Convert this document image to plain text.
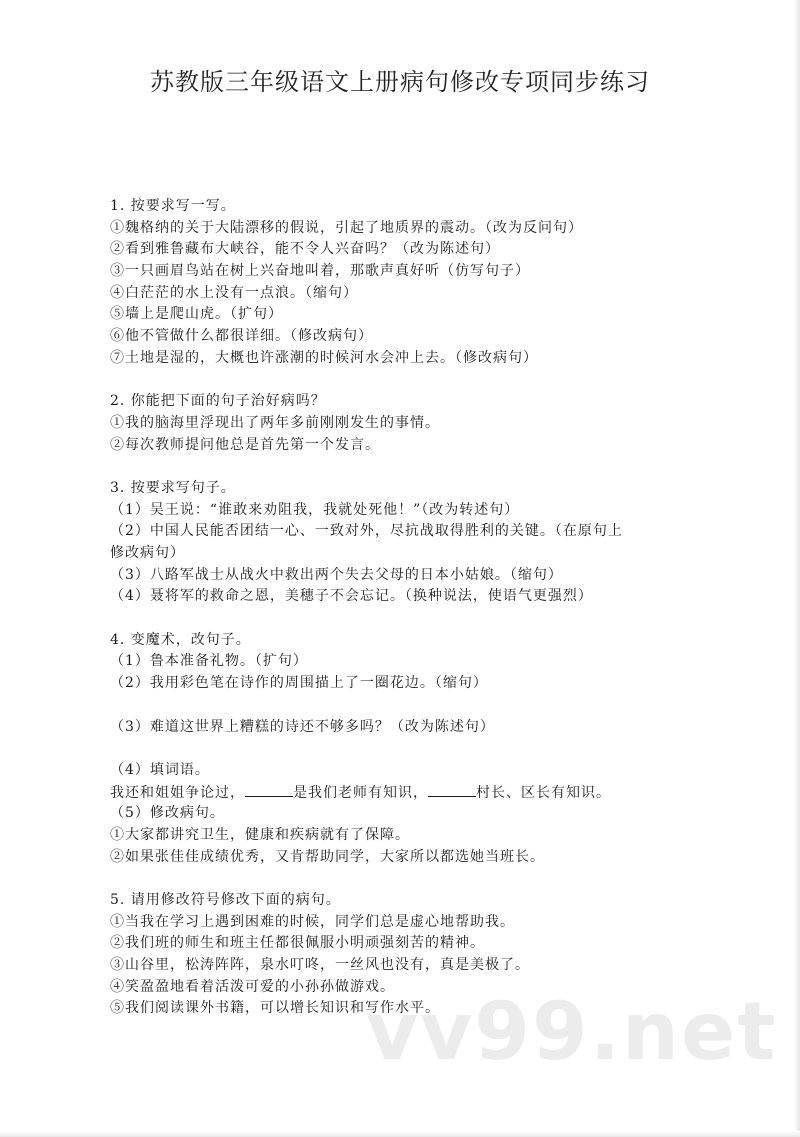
苏教版三年级语文上册病句修改专项同步练习
1. 按要求写一写。
①魏格纳的关于大陆漂移的假说，引起了地质界的震动。（改为反问句）
②看到雅鲁藏布大峡谷，能不令人兴奋吗？（改为陈述句）
③一只画眉鸟站在树上兴奋地叫着，那歌声真好听（仿写句子）
④白茫茫的水上没有一点浪。（缩句）
⑤墙上是爬山虎。（扩句）
⑥他不管做什么都很详细。（修改病句）
⑦土地是湿的，大概也许涨潮的时候河水会冲上去。（修改病句）
2. 你能把下面的句子治好病吗？
①我的脑海里浮现出了两年多前刚刚发生的事情。
②每次教师提问他总是首先第一个发言。
3. 按要求写句子。
（1）吴王说：“谁敢来劝阻我，我就处死他！”（改为转述句）
（2）中国人民能否团结一心、一致对外，尽抗战取得胜利的关键。（在原句上
修改病句）
（3）八路军战士从战火中救出两个失去父母的日本小姑娘。（缩句）
（4）聂将军的救命之恩，美穗子不会忘记。（换种说法，使语气更强烈）
4. 变魔术，改句子。
（1）鲁本准备礼物。（扩句）
（2）我用彩色笔在诗作的周围描上了一圈花边。（缩句）
（3）难道这世界上糟糕的诗还不够多吗？（改为陈述句）
（4）填词语。
我还和姐姐争论过，	是我们老师有知识，	村长、区长有知识。
（5）修改病句。
①大家都讲究卫生，健康和疾病就有了保障。
②如果张佳佳成绩优秀，又肯帮助同学，大家所以都选她当班长。
5. 请用修改符号修改下面的病句。
①当我在学习上遇到困难的时候，同学们总是虚心地帮助我。
②我们班的师生和班主任都很佩服小明顽强刻苦的精神。
③山谷里，松涛阵阵，泉水叮咚，一丝风也没有，真是美极了。
④笑盈盈地看着活泼可爱的小孙孙做游戏。
⑤我们阅读课外书籍，可以增长知识和写作水平。
vv99.net
